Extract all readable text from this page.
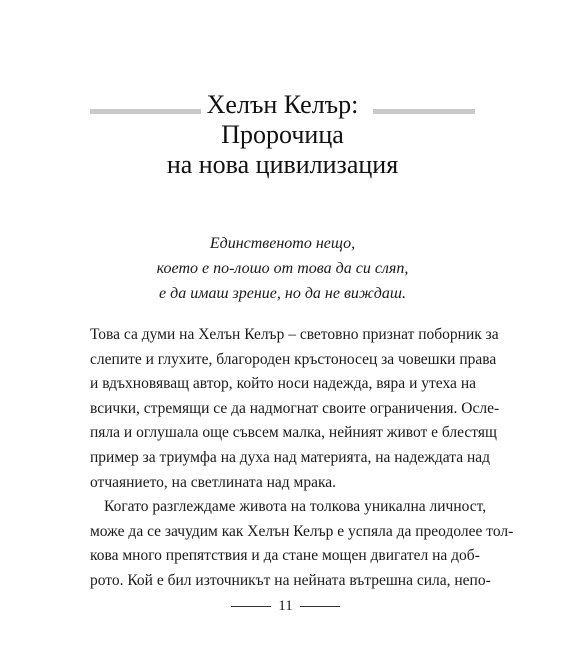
Хелън Келър:
Пророчица
на нова цивилизация
Единственото нещо,
което е по-лошо от това да си сляп,
е да имаш зрение, но да не виждаш.
Това са думи на Хелън Келър – световно признат поборник за
слепите и глухите, благороден кръстоносец за човешки права
и вдъхновяващ автор, който носи надежда, вяра и утеха на
всички, стремящи се да надмогнат своите ограничения. Осле-
пяла и оглушала още съвсем малка, нейният живот е блестящ
пример за триумфа на духа над материята, на надеждата над
отчаянието, на светлината над мрака.
Когато разглеждаме живота на толкова уникална личност,
може да се зачудим как Хелън Келър е успяла да преодолее тол-
кова много препятствия и да стане мощен двигател на доб-
рото. Кой е бил източникът на нейната вътрешна сила, непо-
11
